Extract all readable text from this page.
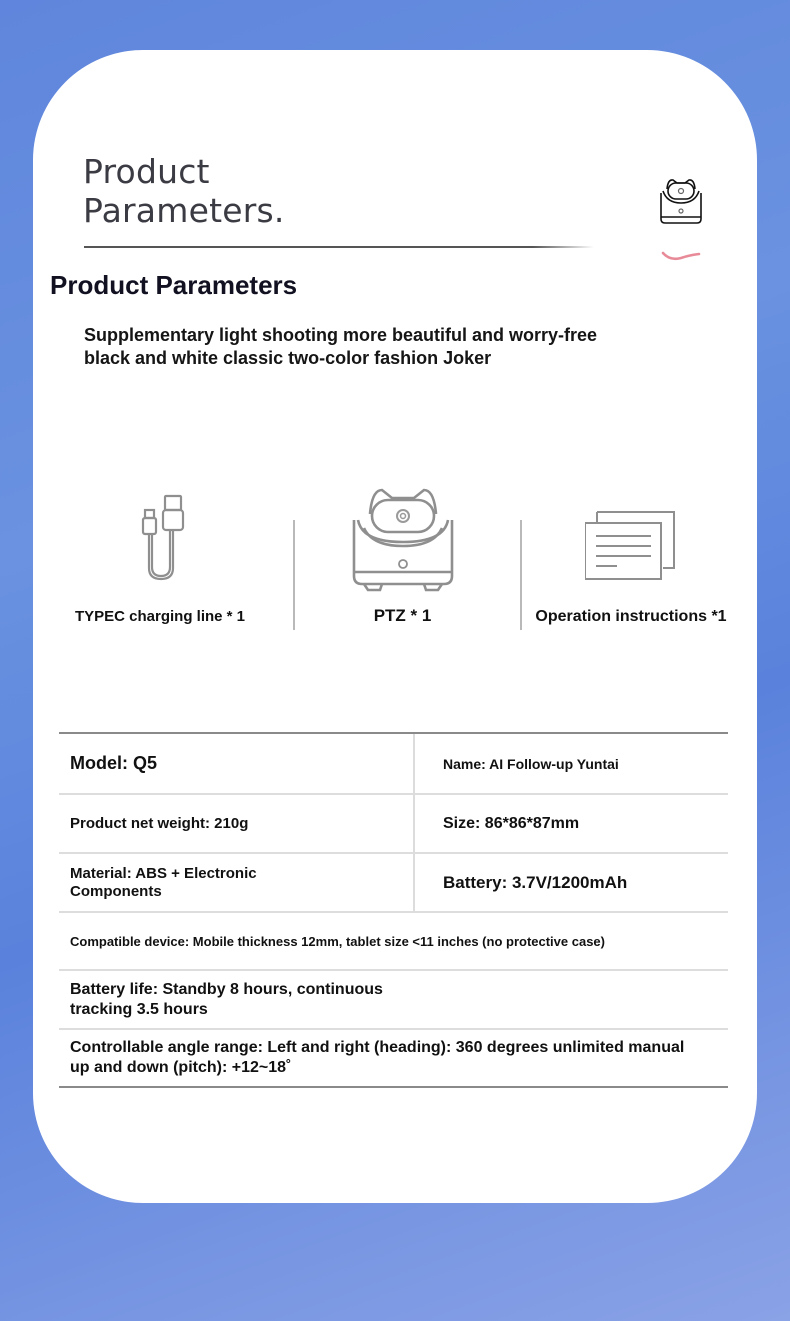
Product
Parameters.
Product Parameters
Supplementary light shooting more beautiful and worry-free black and white classic two-color fashion Joker
TYPEC charging line * 1	PTZ * 1	Operation instructions *1
Model: Q5	Name: AI Follow-up Yuntai
Product net weight: 210g	Size: 86*86*87mm
Material: ABS + Electronic Components	Battery: 3.7V/1200mAh
Compatible device: Mobile thickness 12mm, tablet size <11 inches (no protective case)
Battery life: Standby 8 hours, continuous
tracking 3.5 hours
Controllable angle range: Left and right (heading): 360 degrees unlimited manual
up and down (pitch): +12~18˚
